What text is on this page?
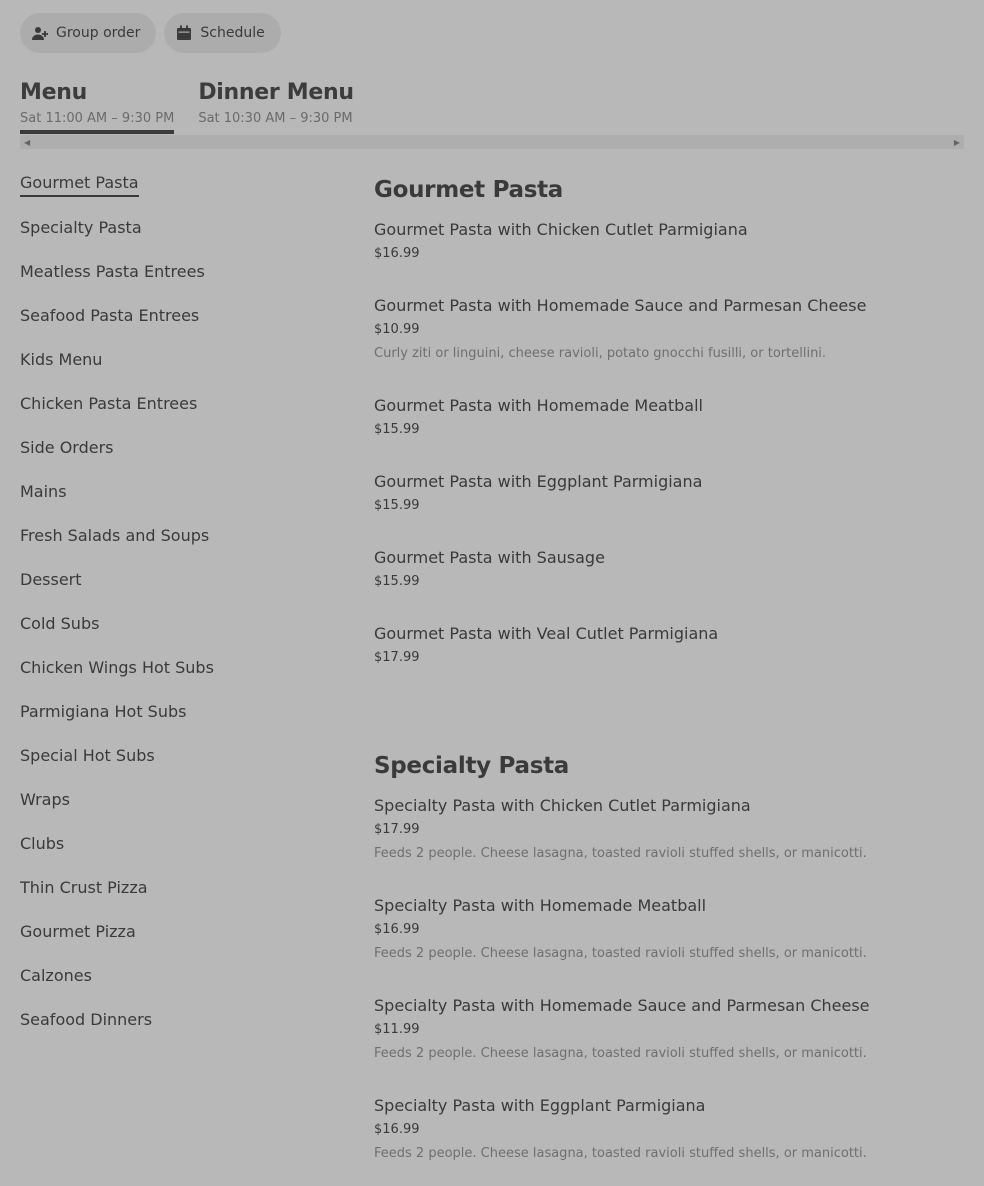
Group order	Schedule
Menu
Sat 11:00 AM – 9:30 PM
Dinner Menu
Sat 10:30 AM – 9:30 PM
◀	▶
Gourmet Pasta
Specialty Pasta
Meatless Pasta Entrees
Seafood Pasta Entrees
Kids Menu
Chicken Pasta Entrees
Side Orders
Mains
Fresh Salads and Soups
Dessert
Cold Subs
Chicken Wings Hot Subs
Parmigiana Hot Subs
Special Hot Subs
Wraps
Clubs
Thin Crust Pizza
Gourmet Pizza
Calzones
Seafood Dinners
Gourmet Pasta
Gourmet Pasta with Chicken Cutlet Parmigiana
$16.99
Gourmet Pasta with Homemade Sauce and Parmesan Cheese
$10.99
Curly ziti or linguini, cheese ravioli, potato gnocchi fusilli, or tortellini.
Gourmet Pasta with Homemade Meatball
$15.99
Gourmet Pasta with Eggplant Parmigiana
$15.99
Gourmet Pasta with Sausage
$15.99
Gourmet Pasta with Veal Cutlet Parmigiana
$17.99
Specialty Pasta
Specialty Pasta with Chicken Cutlet Parmigiana
$17.99
Feeds 2 people. Cheese lasagna, toasted ravioli stuffed shells, or manicotti.
Specialty Pasta with Homemade Meatball
$16.99
Feeds 2 people. Cheese lasagna, toasted ravioli stuffed shells, or manicotti.
Specialty Pasta with Homemade Sauce and Parmesan Cheese
$11.99
Feeds 2 people. Cheese lasagna, toasted ravioli stuffed shells, or manicotti.
Specialty Pasta with Eggplant Parmigiana
$16.99
Feeds 2 people. Cheese lasagna, toasted ravioli stuffed shells, or manicotti.
